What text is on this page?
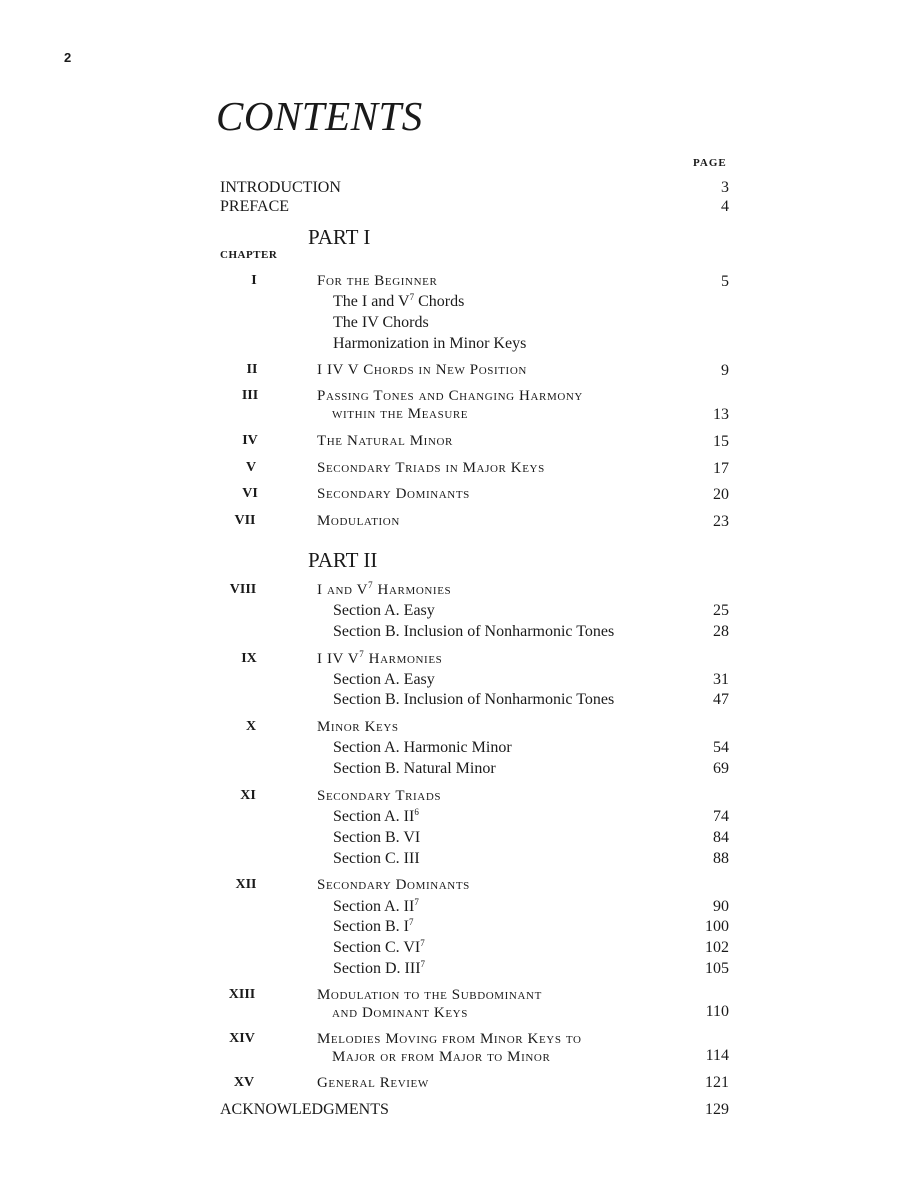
2
CONTENTS
PAGE
INTRODUCTION	3
PREFACE	4
PART I
CHAPTER
I	For the Beginner	5
The I and $V^7$ Chords
The IV Chords
Harmonization in Minor Keys
II	I IV V Chords in New Position	9
III	Passing Tones and Changing Harmony
within the Measure	13
IV	The Natural Minor	15
V	Secondary Triads in Major Keys	17
VI	Secondary Dominants	20
VII	Modulation	23
PART II
VIII	I and $V^7$ Harmonies
Section A. Easy	25
Section B. Inclusion of Nonharmonic Tones	28
IX	I IV $V^7$ Harmonies
Section A. Easy	31
Section B. Inclusion of Nonharmonic Tones	47
X	Minor Keys
Section A. Harmonic Minor	54
Section B. Natural Minor	69
XI	Secondary Triads
Section A. $II^6$	74
Section B. VI	84
Section C. III	88
XII	Secondary Dominants
Section A. $II^7$	90
Section B. $I^7$	100
Section C. $VI^7$	102
Section D. III$^7$	105
XIII	Modulation to the Subdominant
and Dominant Keys	110
XIV	Melodies Moving from Minor Keys to
Major or from Major to Minor	114
XV	General Review	121
ACKNOWLEDGMENTS	129
